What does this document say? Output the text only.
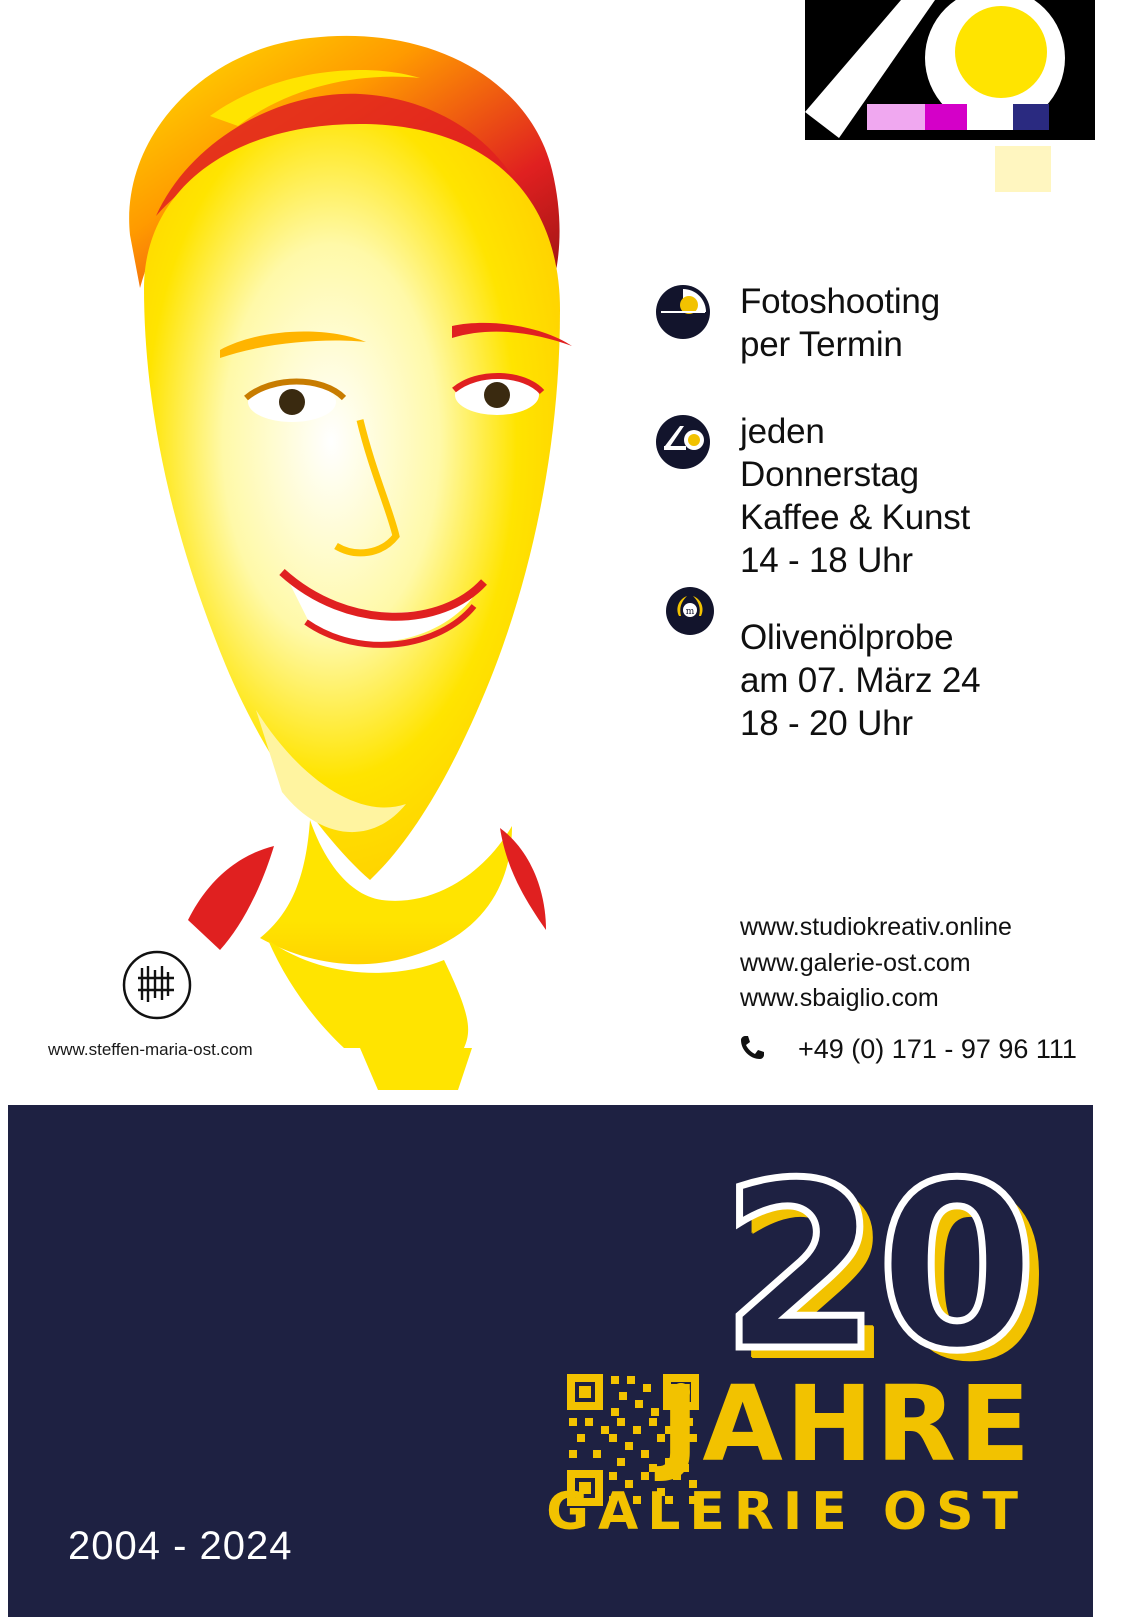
www.steffen-maria-ost.com
Fotoshooting
per Termin
jeden
Donnerstag
Kaffee & Kunst
14 - 18 Uhr
m
Olivenölprobe
am 07. März 24
18 - 20 Uhr
www.studiokreativ.online
www.galerie-ost.com
www.sbaiglio.com
+49 (0) 171 - 97 96 111
2004 - 2024
20
JAHRE
GALERIE OST
